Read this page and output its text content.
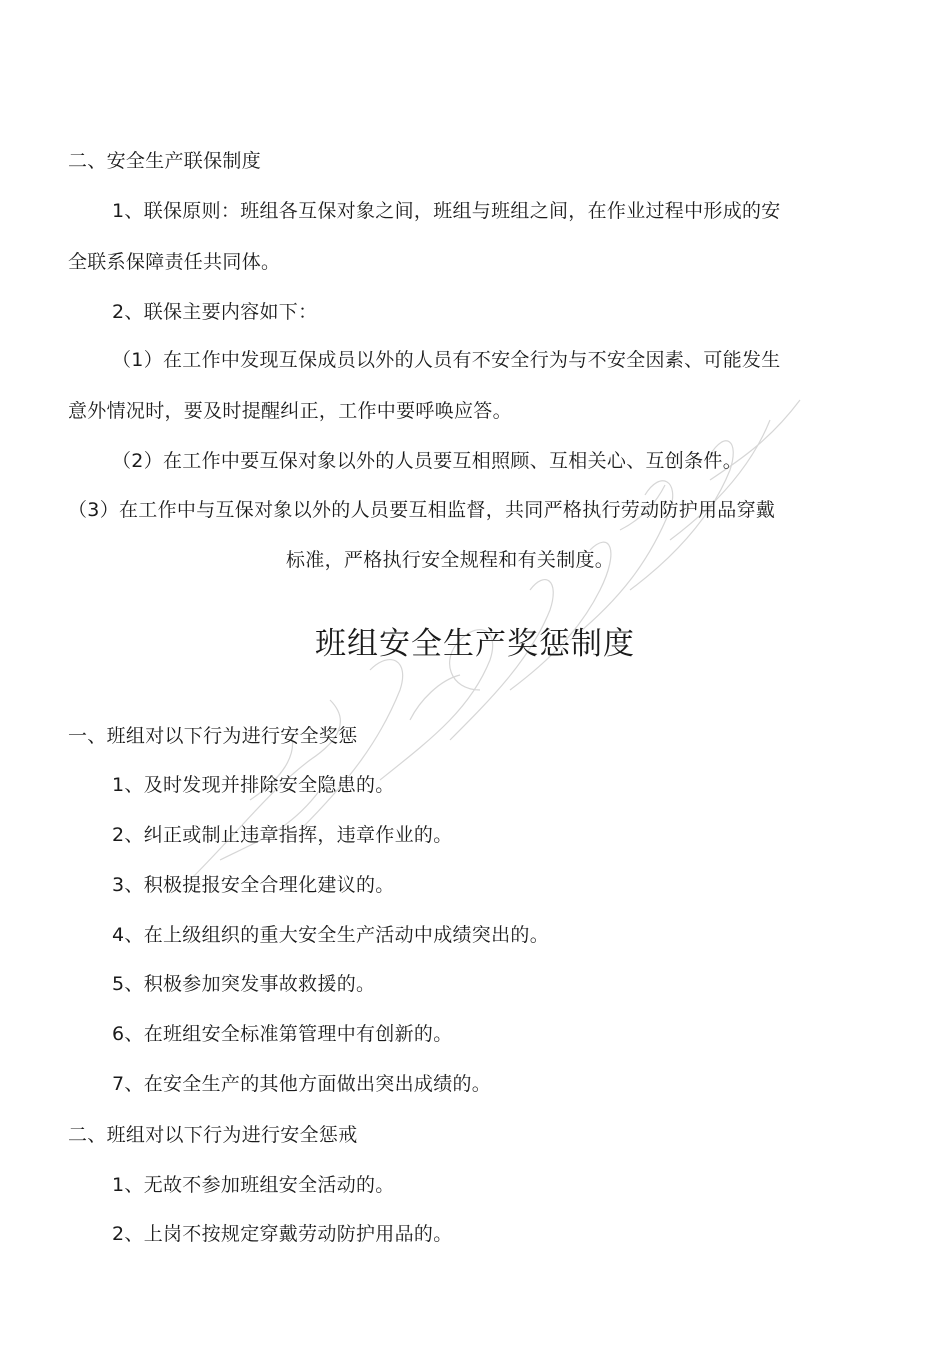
二、安全生产联保制度
1、联保原则：班组各互保对象之间，班组与班组之间，在作业过程中形成的安
全联系保障责任共同体。
2、联保主要内容如下：
（1）在工作中发现互保成员以外的人员有不安全行为与不安全因素、可能发生
意外情况时，要及时提醒纠正，工作中要呼唤应答。
（2）在工作中要互保对象以外的人员要互相照顾、互相关心、互创条件。
（3）在工作中与互保对象以外的人员要互相监督，共同严格执行劳动防护用品穿戴
标准，严格执行安全规程和有关制度。
班组安全生产奖惩制度
一、班组对以下行为进行安全奖惩
1、及时发现并排除安全隐患的。
2、纠正或制止违章指挥，违章作业的。
3、积极提报安全合理化建议的。
4、在上级组织的重大安全生产活动中成绩突出的。
5、积极参加突发事故救援的。
6、在班组安全标准第管理中有创新的。
7、在安全生产的其他方面做出突出成绩的。
二、班组对以下行为进行安全惩戒
1、无故不参加班组安全活动的。
2、上岗不按规定穿戴劳动防护用品的。
